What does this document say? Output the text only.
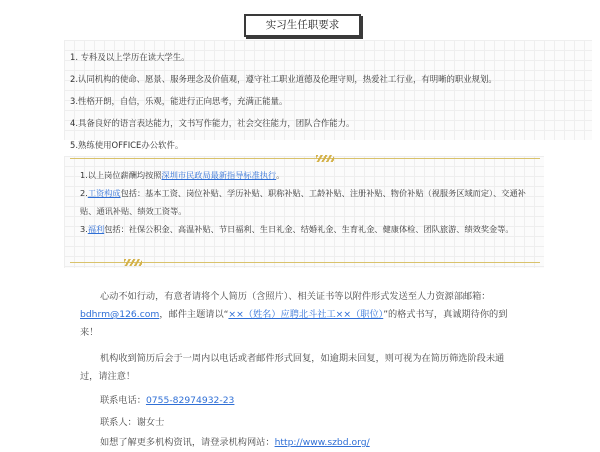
实习生任职要求
1. 专科及以上学历在读大学生。
2.认同机构的使命、愿景、服务理念及价值观，遵守社工职业道德及伦理守则，热爱社工行业，有明晰的职业规划。
3.性格开朗，自信，乐观，能进行正向思考，充满正能量。
4.具备良好的语言表达能力，文书写作能力，社会交往能力，团队合作能力。
5.熟练使用OFFICE办公软件。
1.以上岗位薪酬均按照深圳市民政局最新指导标准执行。
2.工资构成包括：基本工资、岗位补贴、学历补贴、职称补贴、工龄补贴、注册补贴、物价补贴（视服务区域而定）、交通补贴、通讯补贴、绩效工资等。
3.福利包括：社保公积金、高温补贴、节日福利、生日礼金、结婚礼金、生育礼金、健康体检、团队旅游、绩效奖金等。
心动不如行动，有意者请将个人简历（含照片）、相关证书等以附件形式发送至人力资源部邮箱：bdhrm@126.com，邮件主题请以“××（姓名）应聘北斗社工××（职位）”的格式书写，真诚期待你的到来！
机构收到简历后会于一周内以电话或者邮件形式回复，如逾期未回复，则可视为在简历筛选阶段未通过，请注意！
联系电话：0755-82974932-23
联系人：谢女士
如想了解更多机构资讯，请登录机构网站：http://www.szbd.org/
